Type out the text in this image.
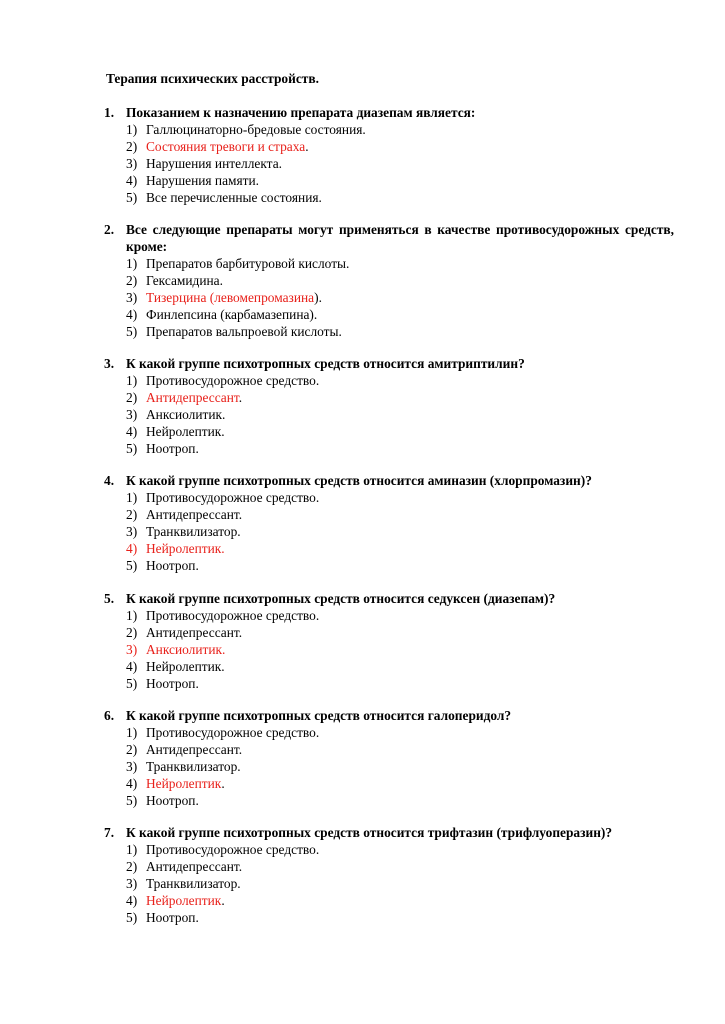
Терапия психических расстройств.

1. Показанием к назначению препарата диазепам является:

1) Галлюцинаторно-бредовые состояния.
2) Состояния тревоги и страха.
3) Нарушения интеллекта.
4) Нарушения памяти.
5) Все перечисленные состояния.

2. Все следующие препараты могут применяться в качестве противосудорожных средств, кроме:

1) Препаратов барбитуровой кислоты.
2) Гексамидина.
3) Тизерцина (левомепромазина).
4) Финлепсина (карбамазепина).
5) Препаратов вальпроевой кислоты.

3. К какой группе психотропных средств относится амитриптилин?

1) Противосудорожное средство.
2) Антидепрессант.
3) Анксиолитик.
4) Нейролептик.
5) Ноотроп.

4. К какой группе психотропных средств относится аминазин (хлорпромазин)?

1) Противосудорожное средство.
2) Антидепрессант.
3) Транквилизатор.
4) Нейролептик.
5) Ноотроп.

5. К какой группе психотропных средств относится седуксен (диазепам)?

1) Противосудорожное средство.
2) Антидепрессант.
3) Анксиолитик.
4) Нейролептик.
5) Ноотроп.

6. К какой группе психотропных средств относится галоперидол?

1) Противосудорожное средство.
2) Антидепрессант.
3) Транквилизатор.
4) Нейролептик.
5) Ноотроп.

7. К какой группе психотропных средств относится трифтазин (трифлуоперазин)?

1) Противосудорожное средство.
2) Антидепрессант.
3) Транквилизатор.
4) Нейролептик.
5) Ноотроп.
